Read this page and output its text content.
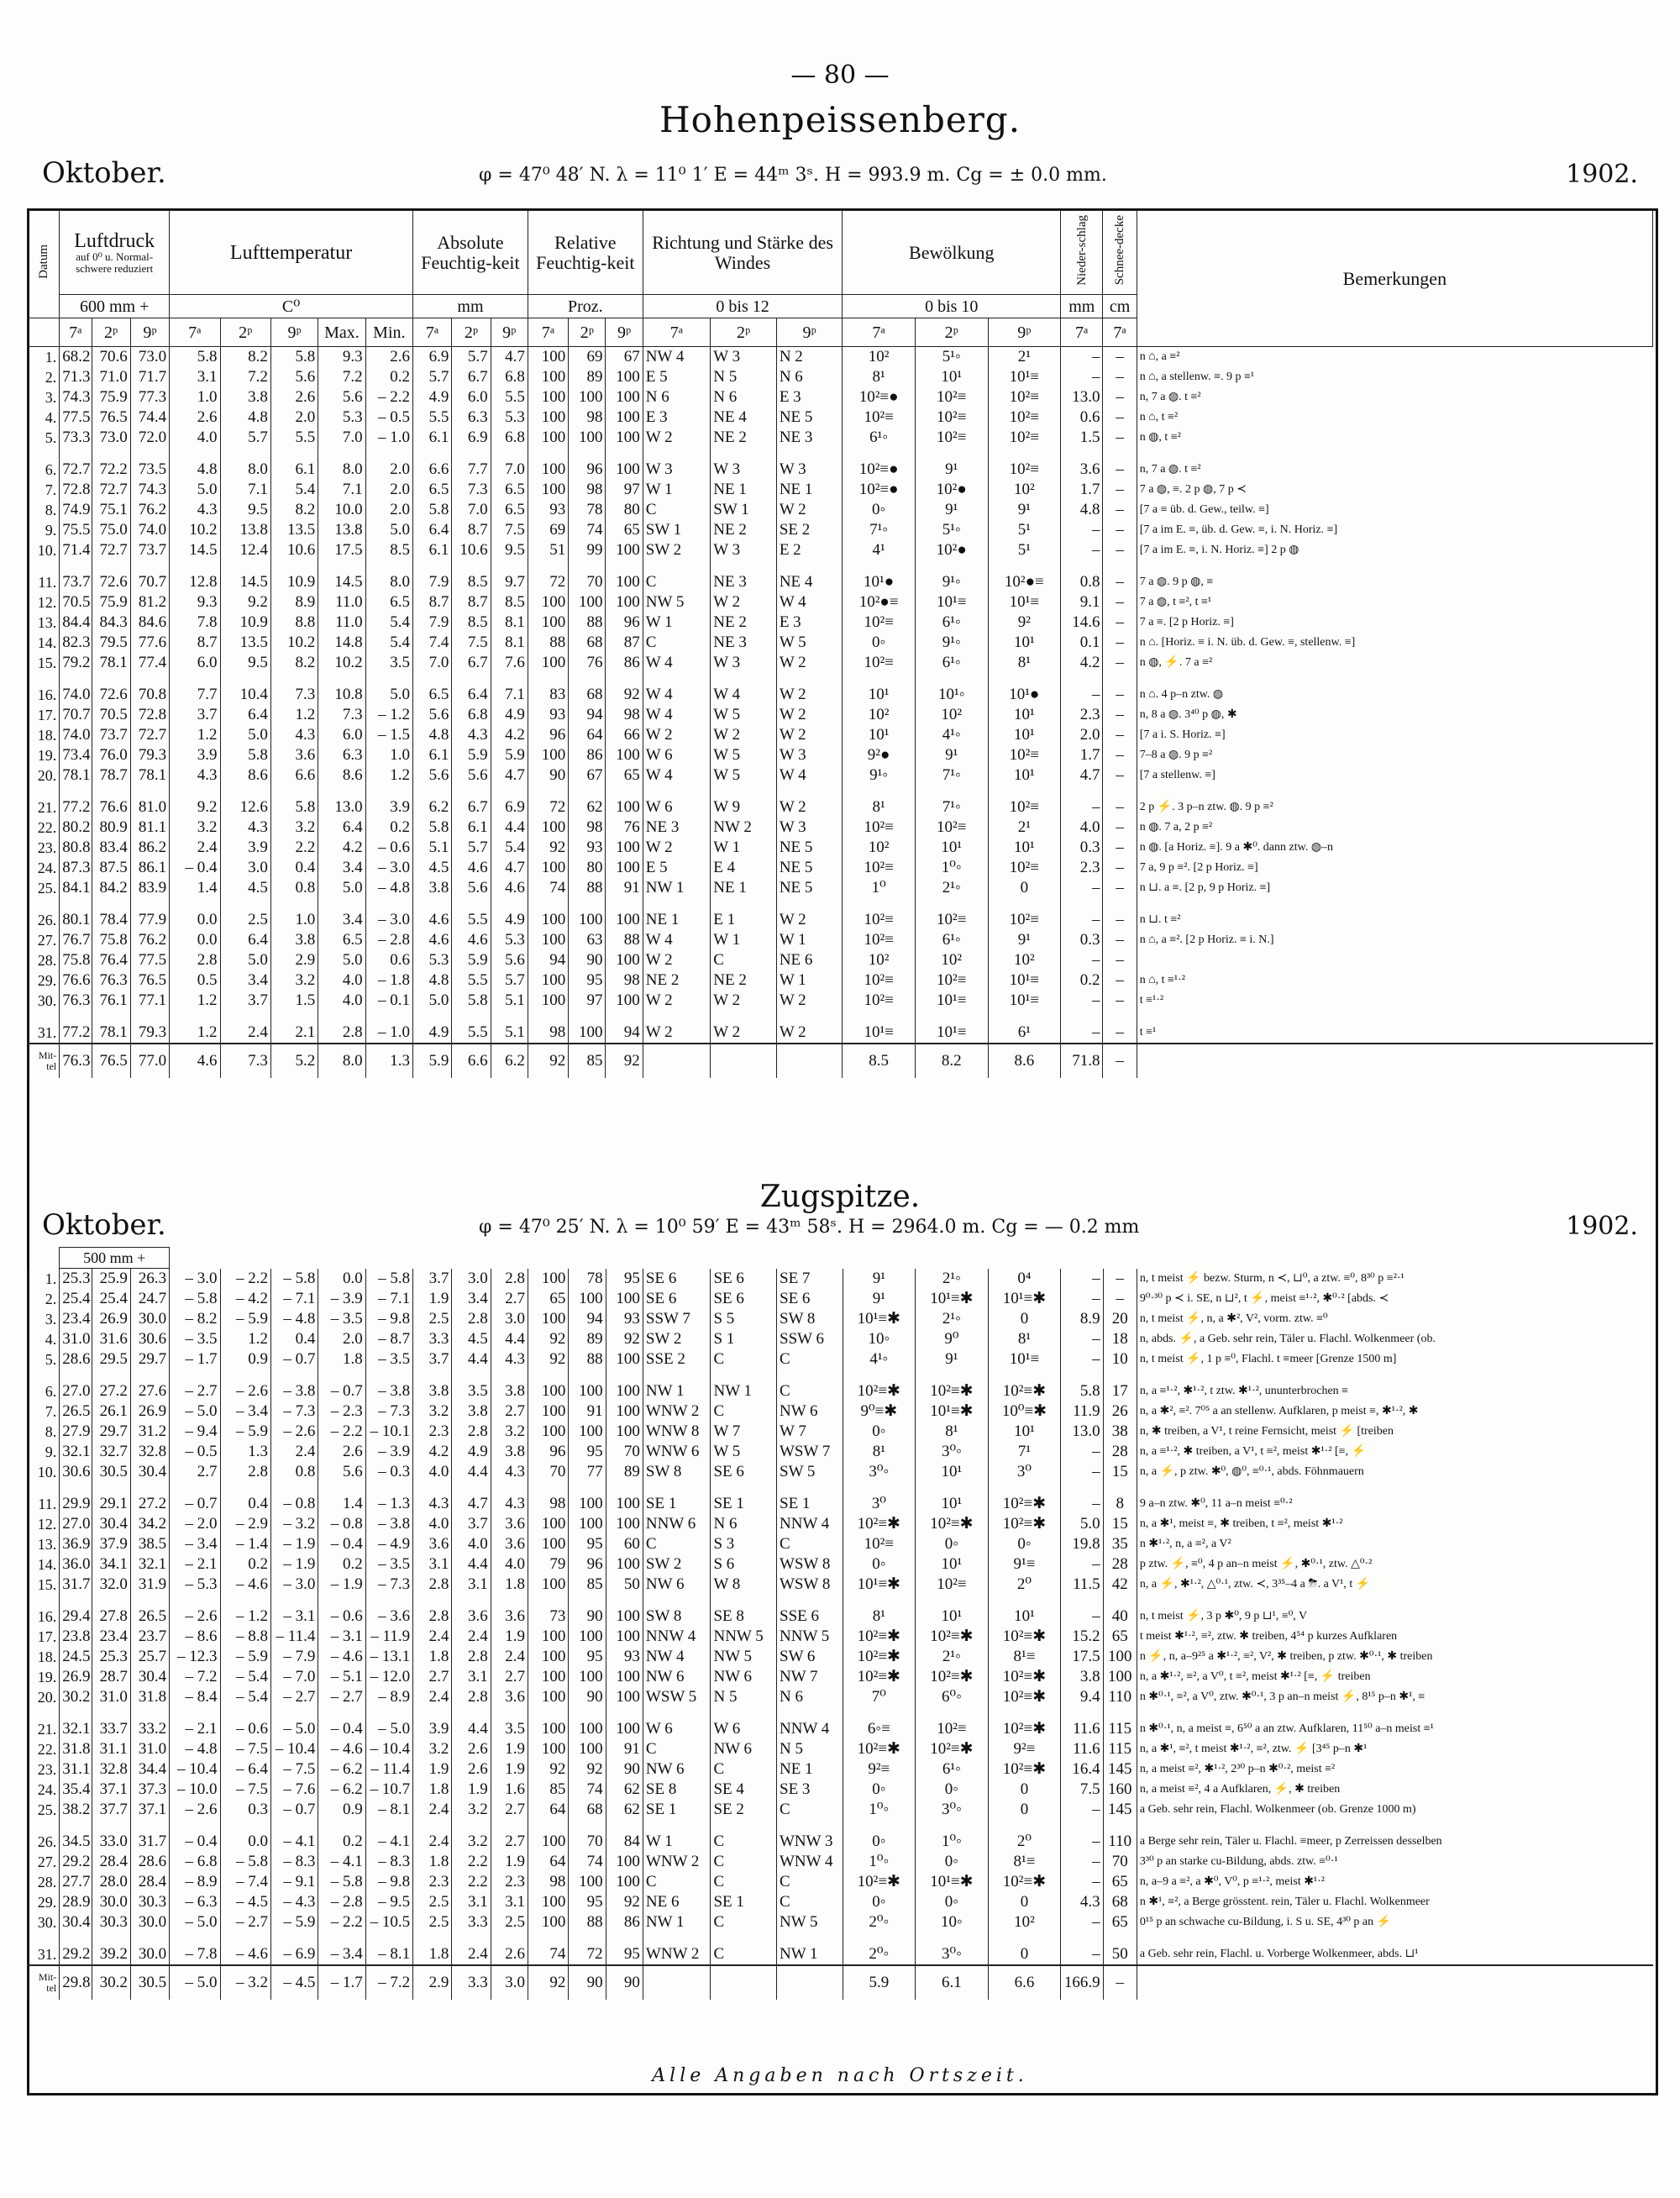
— 80 —
Hohenpeissenberg.
Oktober.	φ = 47⁰ 48′ N. λ = 11⁰ 1′ E = 44ᵐ 3ˢ. H = 993.9 m. Cg = ± 0.0 mm.	1902.
Datum	Luftdruck
auf 0⁰ u. Normal-schwere reduziert			Lufttemperatur					Absolute Feuchtig-keit			Relative Feuchtig-keit			Richtung und Stärke des Windes			Bewölkung			Nieder-schlag	Schnee-decke	Bemerkungen
	600 mm +			C⁰					mm			Proz.			0 bis 12			0 bis 10			mm	cm	
	7ᵃ	2ᵖ	9ᵖ	7ᵃ	2ᵖ	9ᵖ	Max.	Min.	7ᵃ	2ᵖ	9ᵖ	7ᵃ	2ᵖ	9ᵖ	7ᵃ	2ᵖ	9ᵖ	7ᵃ	2ᵖ	9ᵖ	7ᵃ	7ᵃ	
1.	68.2	70.6	73.0	5.8	8.2	5.8	9.3	2.6	6.9	5.7	4.7	100	69	67	NW 4	W 3	N 2	10²	5¹◦	2¹	–	–	n ⌂, a ≡²
2.	71.3	71.0	71.7	3.1	7.2	5.6	7.2	0.2	5.7	6.7	6.8	100	89	100	E 5	N 5	N 6	8¹	10¹	10¹≡	–	–	n ⌂, a stellenw. ≡. 9 p ≡¹
3.	74.3	75.9	77.3	1.0	3.8	2.6	5.6	– 2.2	4.9	6.0	5.5	100	100	100	N 6	N 6	E 3	10²≡●	10²≡	10²≡	13.0	–	n, 7 a ◍. t ≡²
4.	77.5	76.5	74.4	2.6	4.8	2.0	5.3	– 0.5	5.5	6.3	5.3	100	98	100	E 3	NE 4	NE 5	10²≡	10²≡	10²≡	0.6	–	n ⌂, t ≡²
5.	73.3	73.0	72.0	4.0	5.7	5.5	7.0	– 1.0	6.1	6.9	6.8	100	100	100	W 2	NE 2	NE 3	6¹◦	10²≡	10²≡	1.5	–	n ◍, t ≡²

6.	72.7	72.2	73.5	4.8	8.0	6.1	8.0	2.0	6.6	7.7	7.0	100	96	100	W 3	W 3	W 3	10²≡●	9¹	10²≡	3.6	–	n, 7 a ◍. t ≡²
7.	72.8	72.7	74.3	5.0	7.1	5.4	7.1	2.0	6.5	7.3	6.5	100	98	97	W 1	NE 1	NE 1	10²≡●	10²●	10²	1.7	–	7 a ◍, ≡. 2 p ◍, 7 p ≺
8.	74.9	75.1	76.2	4.3	9.5	8.2	10.0	2.0	5.8	7.0	6.5	93	78	80	C	SW 1	W 2	0◦	9¹	9¹	4.8	–	[7 a ≡ üb. d. Gew., teilw. ≡]
9.	75.5	75.0	74.0	10.2	13.8	13.5	13.8	5.0	6.4	8.7	7.5	69	74	65	SW 1	NE 2	SE 2	7¹◦	5¹◦	5¹	–	–	[7 a im E. ≡, üb. d. Gew. ≡, i. N. Horiz. ≡]
10.	71.4	72.7	73.7	14.5	12.4	10.6	17.5	8.5	6.1	10.6	9.5	51	99	100	SW 2	W 3	E 2	4¹	10²●	5¹	–	–	[7 a im E. ≡, i. N. Horiz. ≡] 2 p ◍

11.	73.7	72.6	70.7	12.8	14.5	10.9	14.5	8.0	7.9	8.5	9.7	72	70	100	C	NE 3	NE 4	10¹●	9¹◦	10²●≡	0.8	–	7 a ◍. 9 p ◍, ≡
12.	70.5	75.9	81.2	9.3	9.2	8.9	11.0	6.5	8.7	8.7	8.5	100	100	100	NW 5	W 2	W 4	10²●≡	10¹≡	10¹≡	9.1	–	7 a ◍, t ≡², t ≡¹
13.	84.4	84.3	84.6	7.8	10.9	8.8	11.0	5.4	7.9	8.5	8.1	100	88	96	W 1	NE 2	E 3	10²≡	6¹◦	9²	14.6	–	7 a ≡. [2 p Horiz. ≡]
14.	82.3	79.5	77.6	8.7	13.5	10.2	14.8	5.4	7.4	7.5	8.1	88	68	87	C	NE 3	W 5	0◦	9¹◦	10¹	0.1	–	n ⌂. [Horiz. ≡ i. N. üb. d. Gew. ≡, stellenw. ≡]
15.	79.2	78.1	77.4	6.0	9.5	8.2	10.2	3.5	7.0	6.7	7.6	100	76	86	W 4	W 3	W 2	10²≡	6¹◦	8¹	4.2	–	n ◍, ⚡. 7 a ≡²

16.	74.0	72.6	70.8	7.7	10.4	7.3	10.8	5.0	6.5	6.4	7.1	83	68	92	W 4	W 4	W 2	10¹	10¹◦	10¹●	–	–	n ⌂. 4 p–n ztw. ◍
17.	70.7	70.5	72.8	3.7	6.4	1.2	7.3	– 1.2	5.6	6.8	4.9	93	94	98	W 4	W 5	W 2	10²	10²	10¹	2.3	–	n, 8 a ◍. 3⁴⁰ p ◍, ✱
18.	74.0	73.7	72.7	1.2	5.0	4.3	6.0	– 1.5	4.8	4.3	4.2	96	64	66	W 2	W 2	W 2	10¹	4¹◦	10¹	2.0	–	[7 a i. S. Horiz. ≡]
19.	73.4	76.0	79.3	3.9	5.8	3.6	6.3	1.0	6.1	5.9	5.9	100	86	100	W 6	W 5	W 3	9²●	9¹	10²≡	1.7	–	7–8 a ◍. 9 p ≡²
20.	78.1	78.7	78.1	4.3	8.6	6.6	8.6	1.2	5.6	5.6	4.7	90	67	65	W 4	W 5	W 4	9¹◦	7¹◦	10¹	4.7	–	[7 a stellenw. ≡]

21.	77.2	76.6	81.0	9.2	12.6	5.8	13.0	3.9	6.2	6.7	6.9	72	62	100	W 6	W 9	W 2	8¹	7¹◦	10²≡	–	–	2 p ⚡. 3 p–n ztw. ◍. 9 p ≡²
22.	80.2	80.9	81.1	3.2	4.3	3.2	6.4	0.2	5.8	6.1	4.4	100	98	76	NE 3	NW 2	W 3	10²≡	10²≡	2¹	4.0	–	n ◍. 7 a, 2 p ≡²
23.	80.8	83.4	86.2	2.4	3.9	2.2	4.2	– 0.6	5.1	5.7	5.4	92	93	100	W 2	W 1	NE 5	10²	10¹	10¹	0.3	–	n ◍. [a Horiz. ≡]. 9 a ✱⁰. dann ztw. ◍–n
24.	87.3	87.5	86.1	– 0.4	3.0	0.4	3.4	– 3.0	4.5	4.6	4.7	100	80	100	E 5	E 4	NE 5	10²≡	1⁰◦	10²≡	2.3	–	7 a, 9 p ≡². [2 p Horiz. ≡]
25.	84.1	84.2	83.9	1.4	4.5	0.8	5.0	– 4.8	3.8	5.6	4.6	74	88	91	NW 1	NE 1	NE 5	1⁰	2¹◦	0	–	–	n ⊔. a ≡. [2 p, 9 p Horiz. ≡]

26.	80.1	78.4	77.9	0.0	2.5	1.0	3.4	– 3.0	4.6	5.5	4.9	100	100	100	NE 1	E 1	W 2	10²≡	10²≡	10²≡	–	–	n ⊔. t ≡²
27.	76.7	75.8	76.2	0.0	6.4	3.8	6.5	– 2.8	4.6	4.6	5.3	100	63	88	W 4	W 1	W 1	10²≡	6¹◦	9¹	0.3	–	n ⌂, a ≡². [2 p Horiz. ≡ i. N.]
28.	75.8	76.4	77.5	2.8	5.0	2.9	5.0	0.6	5.3	5.9	5.6	94	90	100	W 2	C	NE 6	10²	10²	10²	–	–	
29.	76.6	76.3	76.5	0.5	3.4	3.2	4.0	– 1.8	4.8	5.5	5.7	100	95	98	NE 2	NE 2	W 1	10²≡	10²≡	10¹≡	0.2	–	n ⌂, t ≡¹·²
30.	76.3	76.1	77.1	1.2	3.7	1.5	4.0	– 0.1	5.0	5.8	5.1	100	97	100	W 2	W 2	W 2	10²≡	10¹≡	10¹≡	–	–	t ≡¹·²

31.	77.2	78.1	79.3	1.2	2.4	2.1	2.8	– 1.0	4.9	5.5	5.1	98	100	94	W 2	W 2	W 2	10¹≡	10¹≡	6¹	–	–	t ≡¹
Mit-tel	76.3	76.5	77.0	4.6	7.3	5.2	8.0	1.3	5.9	6.6	6.2	92	85	92				8.5	8.2	8.6	71.8	–	
Zugspitze.
Oktober.	φ = 47⁰ 25′ N. λ = 10⁰ 59′ E = 43ᵐ 58ˢ. H = 2964.0 m. Cg = — 0.2 mm	1902.
	500 mm +																						
1.	25.3	25.9	26.3	– 3.0	– 2.2	– 5.8	0.0	– 5.8	3.7	3.0	2.8	100	78	95	SE 6	SE 6	SE 7	9¹	2¹◦	0⁴	–	–	n, t meist ⚡ bezw. Sturm, n ≺, ⊔⁰, a ztw. ≡⁰, 8³⁰ p ≡²·¹
2.	25.4	25.4	24.7	– 5.8	– 4.2	– 7.1	– 3.9	– 7.1	1.9	3.4	2.7	65	100	100	SE 6	SE 6	SE 6	9¹	10¹≡✱	10¹≡✱	–	–	9⁰·³⁰ p ≺ i. SE, n ⊔², t ⚡, meist ≡¹·², ✱⁰·² [abds. ≺
3.	23.4	26.9	30.0	– 8.2	– 5.9	– 4.8	– 3.5	– 9.8	2.5	2.8	3.0	100	94	93	SSW 7	S 5	SW 8	10¹≡✱	2¹◦	0	8.9	20	n, t meist ⚡, n, a ✱², V², vorm. ztw. ≡⁰
4.	31.0	31.6	30.6	– 3.5	1.2	0.4	2.0	– 8.7	3.3	4.5	4.4	92	89	92	SW 2	S 1	SSW 6	10◦	9⁰	8¹	–	18	n, abds. ⚡, a Geb. sehr rein, Täler u. Flachl. Wolkenmeer (ob.
5.	28.6	29.5	29.7	– 1.7	0.9	– 0.7	1.8	– 3.5	3.7	4.4	4.3	92	88	100	SSE 2	C	C	4¹◦	9¹	10¹≡	–	10	n, t meist ⚡, 1 p ≡⁰, Flachl. t ≡meer [Grenze 1500 m]

6.	27.0	27.2	27.6	– 2.7	– 2.6	– 3.8	– 0.7	– 3.8	3.8	3.5	3.8	100	100	100	NW 1	NW 1	C	10²≡✱	10²≡✱	10²≡✱	5.8	17	n, a ≡¹·², ✱¹·², t ztw. ✱¹·², ununterbrochen ≡
7.	26.5	26.1	26.9	– 5.0	– 3.4	– 7.3	– 2.3	– 7.3	3.2	3.8	2.7	100	91	100	WNW 2	C	NW 6	9⁰≡✱	10¹≡✱	10⁰≡✱	11.9	26	n, a ✱², ≡². 7⁰⁵ a an stellenw. Aufklaren, p meist ≡, ✱¹·², ✱
8.	27.9	29.7	31.2	– 9.4	– 5.9	– 2.6	– 2.2	– 10.1	2.3	2.8	3.2	100	100	100	WNW 8	W 7	W 7	0◦	8¹	10¹	13.0	38	n, ✱ treiben, a V¹, t reine Fernsicht, meist ⚡ [treiben
9.	32.1	32.7	32.8	– 0.5	1.3	2.4	2.6	– 3.9	4.2	4.9	3.8	96	95	70	WNW 6	W 5	WSW 7	8¹	3⁰◦	7¹	–	28	n, a ≡¹·², ✱ treiben, a V¹, t ≡², meist ✱¹·² [≡, ⚡
10.	30.6	30.5	30.4	2.7	2.8	0.8	5.6	– 0.3	4.0	4.4	4.3	70	77	89	SW 8	SE 6	SW 5	3⁰◦	10¹	3⁰	–	15	n, a ⚡, p ztw. ✱⁰, ◍⁰, ≡⁰·¹, abds. Föhnmauern

11.	29.9	29.1	27.2	– 0.7	0.4	– 0.8	1.4	– 1.3	4.3	4.7	4.3	98	100	100	SE 1	SE 1	SE 1	3⁰	10¹	10²≡✱	–	8	9 a–n ztw. ✱⁰, 11 a–n meist ≡⁰·²
12.	27.0	30.4	34.2	– 2.0	– 2.9	– 3.2	– 0.8	– 3.8	4.0	3.7	3.6	100	100	100	NNW 6	N 6	NNW 4	10²≡✱	10²≡✱	10²≡✱	5.0	15	n, a ✱¹, meist ≡, ✱ treiben, t ≡², meist ✱¹·²
13.	36.9	37.9	38.5	– 3.4	– 1.4	– 1.9	– 0.4	– 4.9	3.6	4.0	3.6	100	95	60	C	S 3	C	10²≡	0◦	0◦	19.8	35	n ✱¹·², n, a ≡², a V²
14.	36.0	34.1	32.1	– 2.1	0.2	– 1.9	0.2	– 3.5	3.1	4.4	4.0	79	96	100	SW 2	S 6	WSW 8	0◦	10¹	9¹≡	–	28	p ztw. ⚡, ≡⁰, 4 p an–n meist ⚡, ✱⁰·¹, ztw. △⁰·²
15.	31.7	32.0	31.9	– 5.3	– 4.6	– 3.0	– 1.9	– 7.3	2.8	3.1	1.8	100	85	50	NW 6	W 8	WSW 8	10¹≡✱	10²≡	2⁰	11.5	42	n, a ⚡, ✱¹·², △⁰·¹, ztw. ≺, 3³⁵–4 a ⛈. a V¹, t ⚡

16.	29.4	27.8	26.5	– 2.6	– 1.2	– 3.1	– 0.6	– 3.6	2.8	3.6	3.6	73	90	100	SW 8	SE 8	SSE 6	8¹	10¹	10¹	–	40	n, t meist ⚡, 3 p ✱⁰, 9 p ⊔¹, ≡⁰, V
17.	23.8	23.4	23.7	– 8.6	– 8.8	– 11.4	– 3.1	– 11.9	2.4	2.4	1.9	100	100	100	NNW 4	NNW 5	NNW 5	10²≡✱	10²≡✱	10²≡✱	15.2	65	t meist ✱¹·², ≡², ztw. ✱ treiben, 4⁵⁴ p kurzes Aufklaren
18.	24.5	25.3	25.7	– 12.3	– 5.9	– 7.9	– 4.6	– 13.1	1.8	2.8	2.4	100	95	93	NW 4	NW 5	SW 6	10²≡✱	2¹◦	8¹≡	17.5	100	n ⚡, n, a–9²⁵ a ✱¹·², ≡², V², ✱ treiben, p ztw. ✱⁰·¹, ✱ treiben
19.	26.9	28.7	30.4	– 7.2	– 5.4	– 7.0	– 5.1	– 12.0	2.7	3.1	2.7	100	100	100	NW 6	NW 6	NW 7	10²≡✱	10²≡✱	10²≡✱	3.8	100	n, a ✱¹·², ≡², a V⁰, t ≡², meist ✱¹·² [≡, ⚡ treiben
20.	30.2	31.0	31.8	– 8.4	– 5.4	– 2.7	– 2.7	– 8.9	2.4	2.8	3.6	100	90	100	WSW 5	N 5	N 6	7⁰	6⁰◦	10²≡✱	9.4	110	n ✱⁰·¹, ≡², a V⁰, ztw. ✱⁰·¹, 3 p an–n meist ⚡, 8¹⁵ p–n ✱¹, ≡

21.	32.1	33.7	33.2	– 2.1	– 0.6	– 5.0	– 0.4	– 5.0	3.9	4.4	3.5	100	100	100	W 6	W 6	NNW 4	6◦≡	10²≡	10²≡✱	11.6	115	n ✱⁰·¹, n, a meist ≡, 6⁵⁰ a an ztw. Aufklaren, 11⁵⁰ a–n meist ≡¹
22.	31.8	31.1	31.0	– 4.8	– 7.5	– 10.4	– 4.6	– 10.4	3.2	2.6	1.9	100	100	91	C	NW 6	N 5	10²≡✱	10²≡✱	9²≡	11.6	115	n, a ✱¹, ≡², t meist ✱¹·², ≡², ztw. ⚡ [3⁴⁵ p–n ✱¹
23.	31.1	32.8	34.4	– 10.4	– 6.4	– 7.5	– 6.2	– 11.4	1.9	2.6	1.9	92	92	90	NW 6	C	NE 1	9²≡	6¹◦	10²≡✱	16.4	145	n, a meist ≡², ✱¹·², 2³⁰ p–n ✱⁰·², meist ≡²
24.	35.4	37.1	37.3	– 10.0	– 7.5	– 7.6	– 6.2	– 10.7	1.8	1.9	1.6	85	74	62	SE 8	SE 4	SE 3	0◦	0◦	0	7.5	160	n, a meist ≡², 4 a Aufklaren, ⚡, ✱ treiben
25.	38.2	37.7	37.1	– 2.6	0.3	– 0.7	0.9	– 8.1	2.4	3.2	2.7	64	68	62	SE 1	SE 2	C	1⁰◦	3⁰◦	0	–	145	a Geb. sehr rein, Flachl. Wolkenmeer (ob. Grenze 1000 m)

26.	34.5	33.0	31.7	– 0.4	0.0	– 4.1	0.2	– 4.1	2.4	3.2	2.7	100	70	84	W 1	C	WNW 3	0◦	1⁰◦	2⁰	–	110	a Berge sehr rein, Täler u. Flachl. ≡meer, p Zerreissen desselben
27.	29.2	28.4	28.6	– 6.8	– 5.8	– 8.3	– 4.1	– 8.3	1.8	2.2	1.9	64	74	100	WNW 2	C	WNW 4	1⁰◦	0◦	8¹≡	–	70	3³⁰ p an starke cu-Bildung, abds. ztw. ≡⁰·¹
28.	27.7	28.0	28.4	– 8.9	– 7.4	– 9.1	– 5.8	– 9.8	2.3	2.2	2.3	98	100	100	C	C	C	10²≡✱	10¹≡✱	10²≡✱	–	65	n, a–9 a ≡², a ✱⁰, V⁰, p ≡¹·², meist ✱¹·²
29.	28.9	30.0	30.3	– 6.3	– 4.5	– 4.3	– 2.8	– 9.5	2.5	3.1	3.1	100	95	92	NE 6	SE 1	C	0◦	0◦	0	4.3	68	n ✱¹, ≡², a Berge grösstent. rein, Täler u. Flachl. Wolkenmeer
30.	30.4	30.3	30.0	– 5.0	– 2.7	– 5.9	– 2.2	– 10.5	2.5	3.3	2.5	100	88	86	NW 1	C	NW 5	2⁰◦	10◦	10²	–	65	0¹⁵ p an schwache cu-Bildung, i. S u. SE, 4³⁰ p an ⚡

31.	29.2	39.2	30.0	– 7.8	– 4.6	– 6.9	– 3.4	– 8.1	1.8	2.4	2.6	74	72	95	WNW 2	C	NW 1	2⁰◦	3⁰◦	0	–	50	a Geb. sehr rein, Flachl. u. Vorberge Wolkenmeer, abds. ⊔¹
Mit-tel	29.8	30.2	30.5	– 5.0	– 3.2	– 4.5	– 1.7	– 7.2	2.9	3.3	3.0	92	90	90				5.9	6.1	6.6	166.9	–	
Alle Angaben nach Ortszeit.
